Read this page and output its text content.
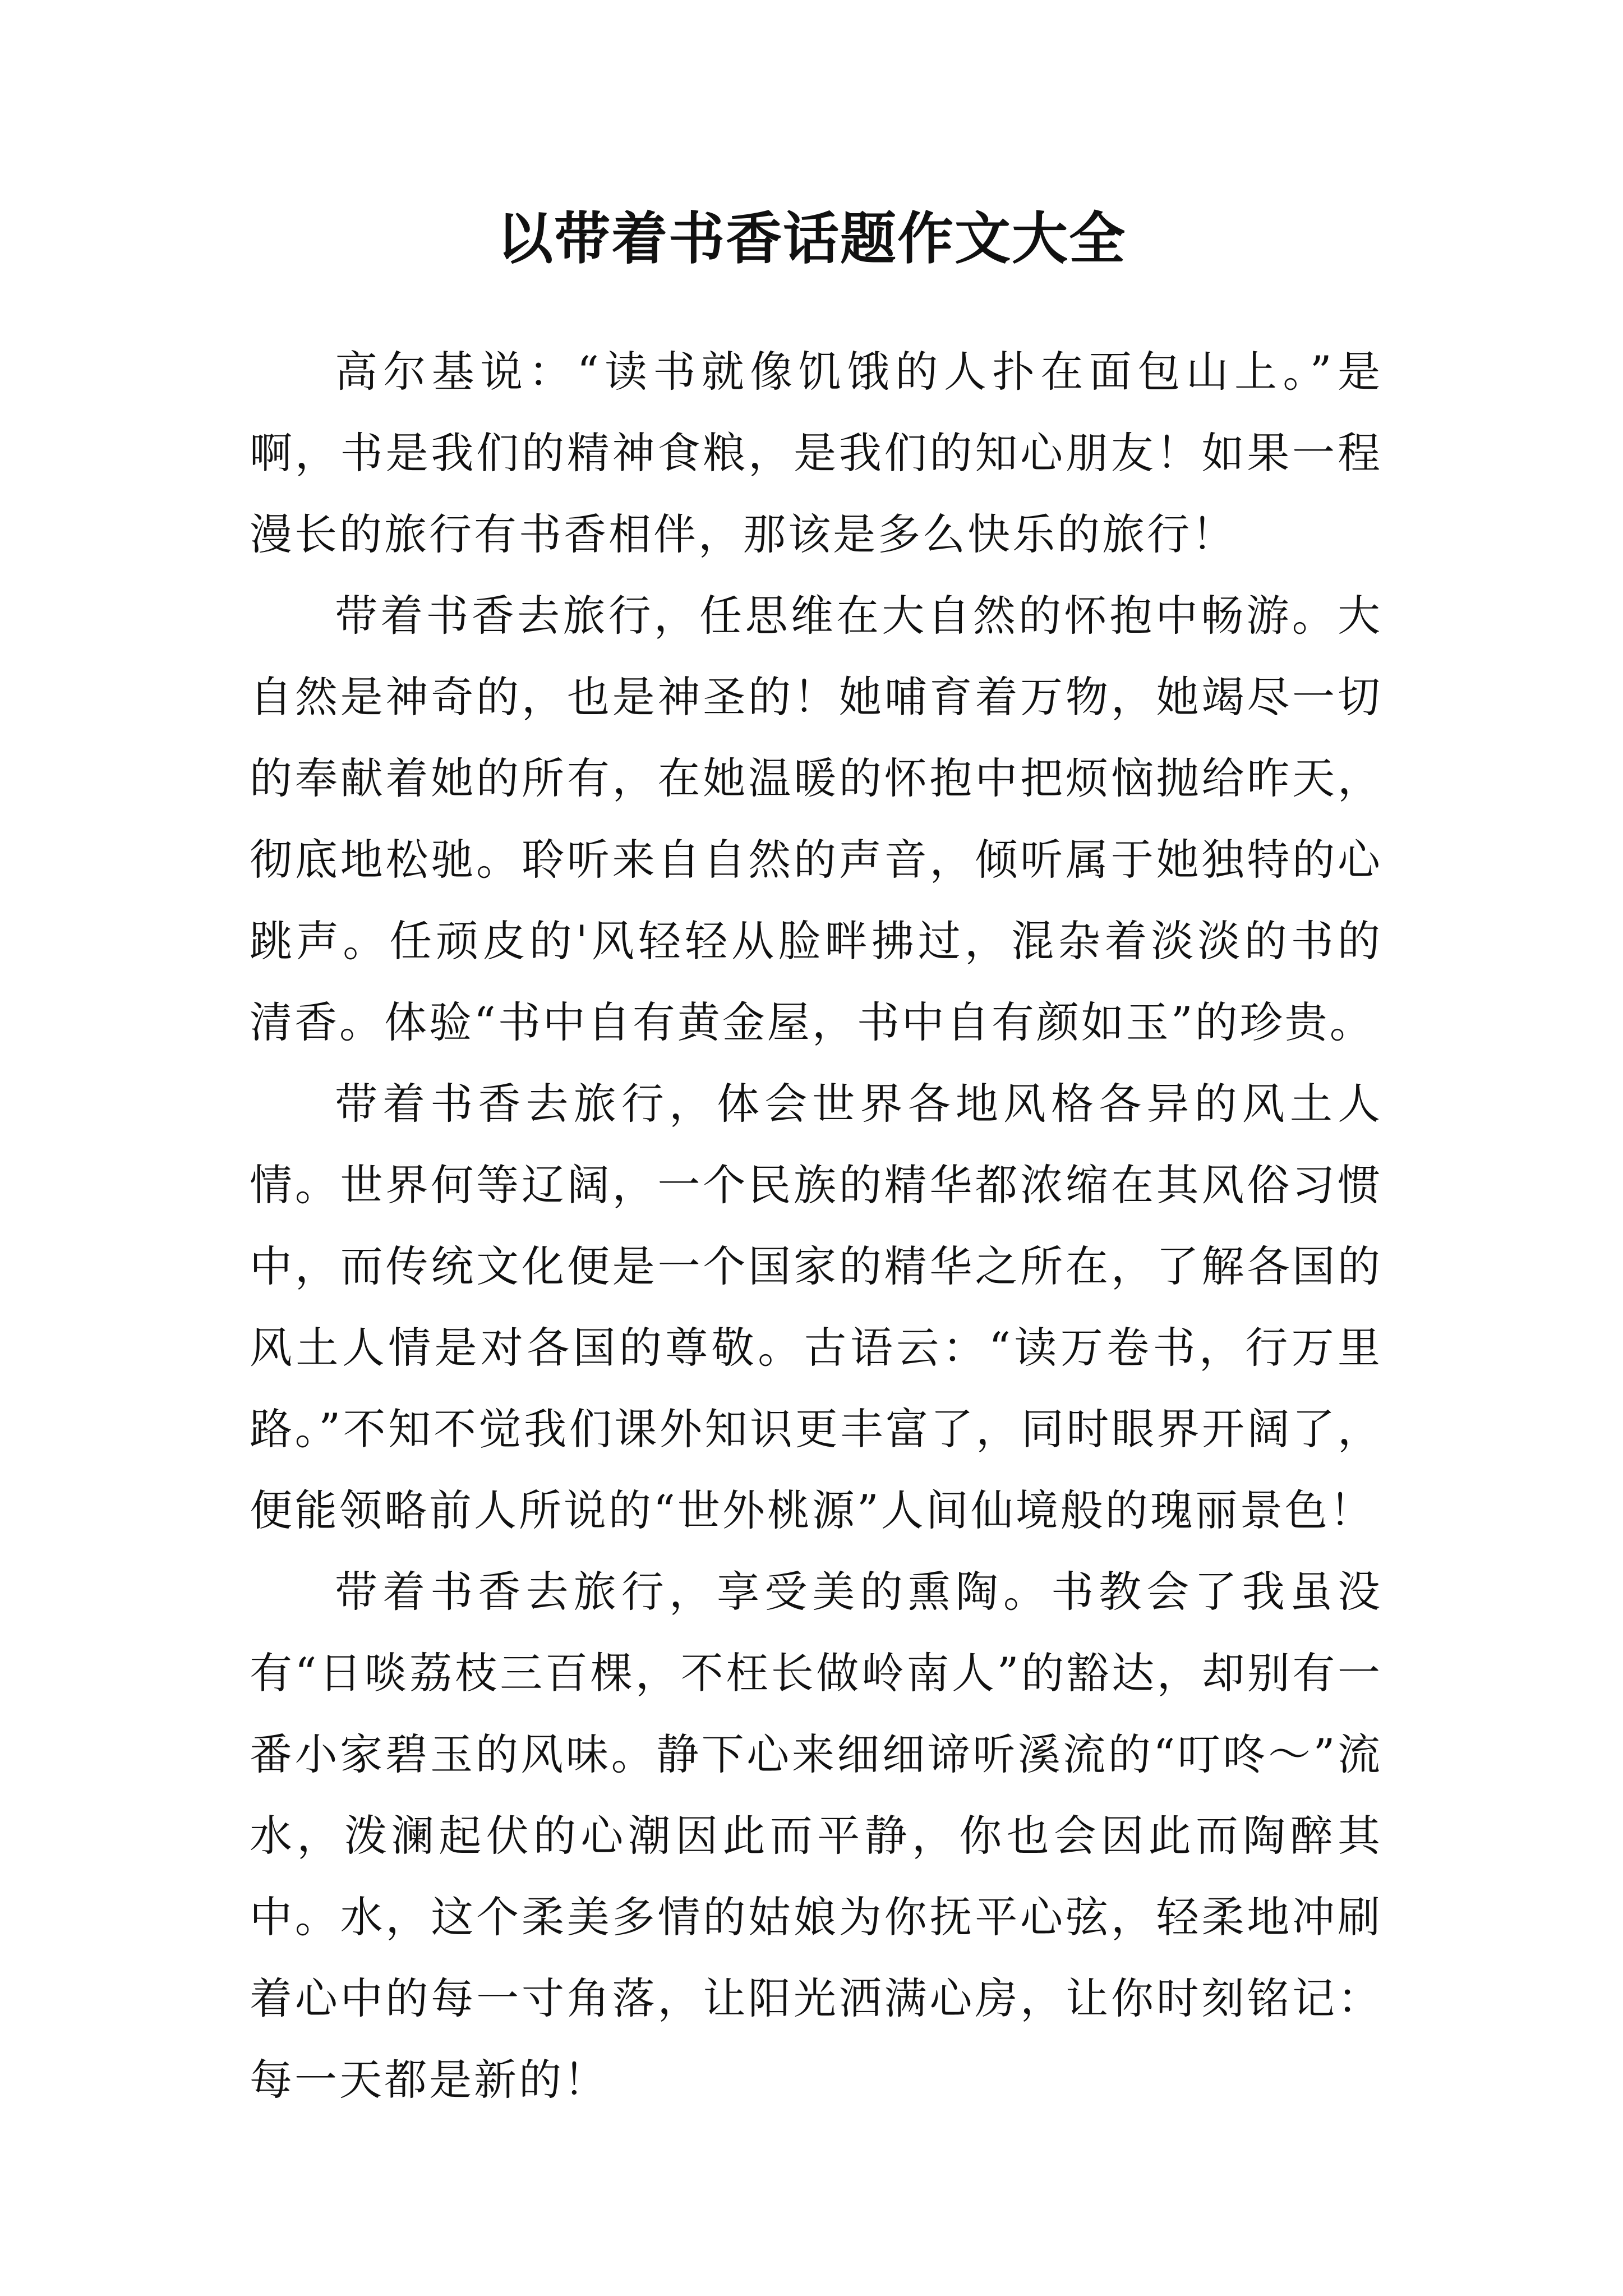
以带着书香话题作文大全

高尔基说：“读书就像饥饿的人扑在面包山上。”是啊，书是我们的精神食粮，是我们的知心朋友！如果一程漫长的旅行有书香相伴，那该是多么快乐的旅行！

带着书香去旅行，任思维在大自然的怀抱中畅游。大自然是神奇的，也是神圣的！她哺育着万物，她竭尽一切的奉献着她的所有，在她温暖的怀抱中把烦恼抛给昨天，彻底地松驰。聆听来自自然的声音，倾听属于她独特的心跳声。任顽皮的'风轻轻从脸畔拂过，混杂着淡淡的书的清香。体验“书中自有黄金屋，书中自有颜如玉”的珍贵。

带着书香去旅行，体会世界各地风格各异的风土人情。世界何等辽阔，一个民族的精华都浓缩在其风俗习惯中，而传统文化便是一个国家的精华之所在，了解各国的风土人情是对各国的尊敬。古语云：“读万卷书，行万里路。”不知不觉我们课外知识更丰富了，同时眼界开阔了，便能领略前人所说的“世外桃源”人间仙境般的瑰丽景色！

带着书香去旅行，享受美的熏陶。书教会了我虽没有“日啖荔枝三百棵，不枉长做岭南人”的豁达，却别有一番小家碧玉的风味。静下心来细细谛听溪流的“叮咚～”流水，泼澜起伏的心潮因此而平静，你也会因此而陶醉其中。水，这个柔美多情的姑娘为你抚平心弦，轻柔地冲刷着心中的每一寸角落，让阳光洒满心房，让你时刻铭记：每一天都是新的！
